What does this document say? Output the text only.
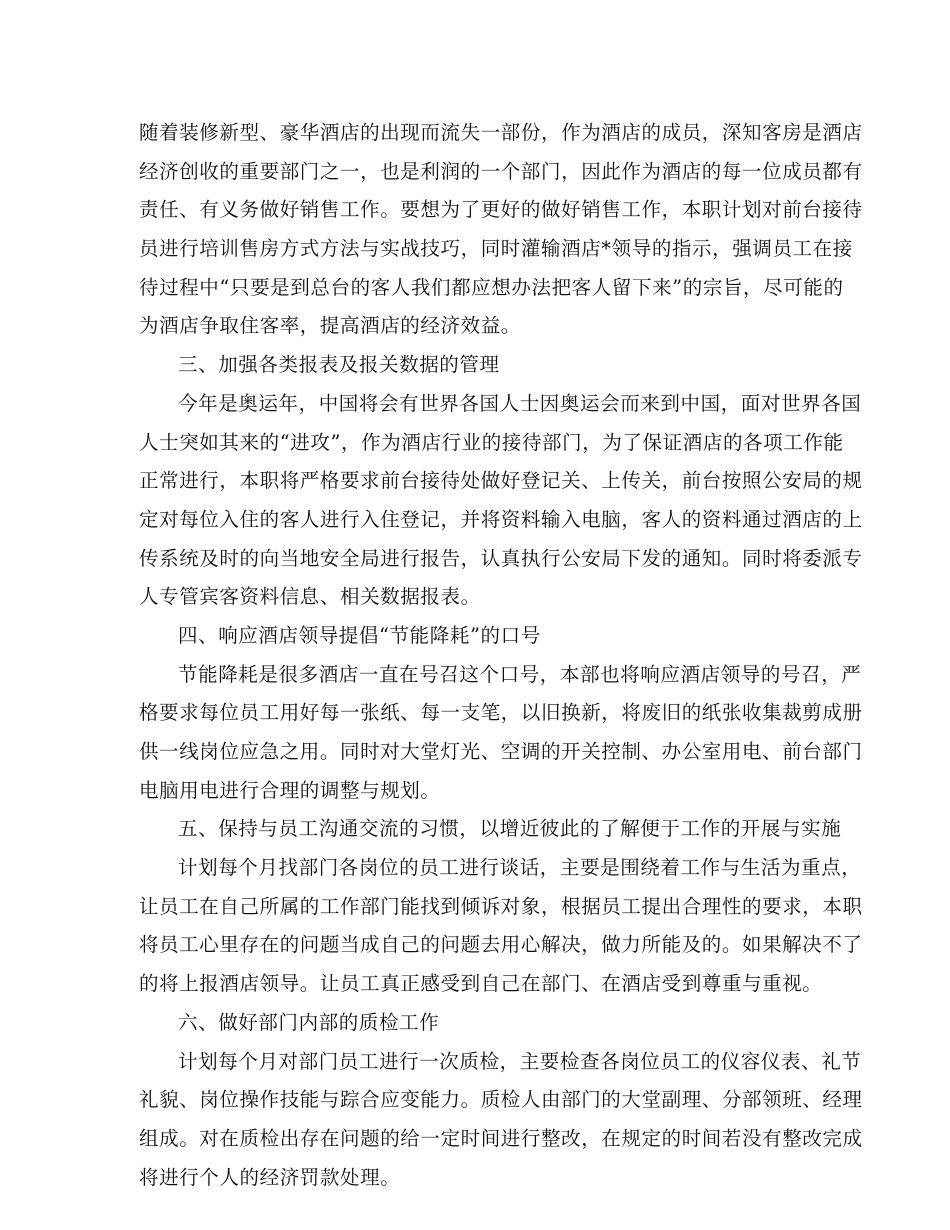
随着装修新型、豪华酒店的出现而流失一部份，作为酒店的成员，深知客房是酒店
经济创收的重要部门之一，也是利润的一个部门，因此作为酒店的每一位成员都有
责任、有义务做好销售工作。要想为了更好的做好销售工作，本职计划对前台接待
员进行培训售房方式方法与实战技巧，同时灌输酒店*领导的指示，强调员工在接
待过程中“只要是到总台的客人我们都应想办法把客人留下来”的宗旨，尽可能的
为酒店争取住客率，提高酒店的经济效益。
三、加强各类报表及报关数据的管理
今年是奥运年，中国将会有世界各国人士因奥运会而来到中国，面对世界各国
人士突如其来的“进攻”，作为酒店行业的接待部门，为了保证酒店的各项工作能
正常进行，本职将严格要求前台接待处做好登记关、上传关，前台按照公安局的规
定对每位入住的客人进行入住登记，并将资料输入电脑，客人的资料通过酒店的上
传系统及时的向当地安全局进行报告，认真执行公安局下发的通知。同时将委派专
人专管宾客资料信息、相关数据报表。
四、响应酒店领导提倡“节能降耗”的口号
节能降耗是很多酒店一直在号召这个口号，本部也将响应酒店领导的号召，严
格要求每位员工用好每一张纸、每一支笔，以旧换新，将废旧的纸张收集裁剪成册
供一线岗位应急之用。同时对大堂灯光、空调的开关控制、办公室用电、前台部门
电脑用电进行合理的调整与规划。
五、保持与员工沟通交流的习惯，以增近彼此的了解便于工作的开展与实施
计划每个月找部门各岗位的员工进行谈话，主要是围绕着工作与生活为重点，
让员工在自己所属的工作部门能找到倾诉对象，根据员工提出合理性的要求，本职
将员工心里存在的问题当成自己的问题去用心解决，做力所能及的。如果解决不了
的将上报酒店领导。让员工真正感受到自己在部门、在酒店受到尊重与重视。
六、做好部门内部的质检工作
计划每个月对部门员工进行一次质检，主要检查各岗位员工的仪容仪表、礼节
礼貌、岗位操作技能与踪合应变能力。质检人由部门的大堂副理、分部领班、经理
组成。对在质检出存在问题的给一定时间进行整改，在规定的时间若没有整改完成
将进行个人的经济罚款处理。
